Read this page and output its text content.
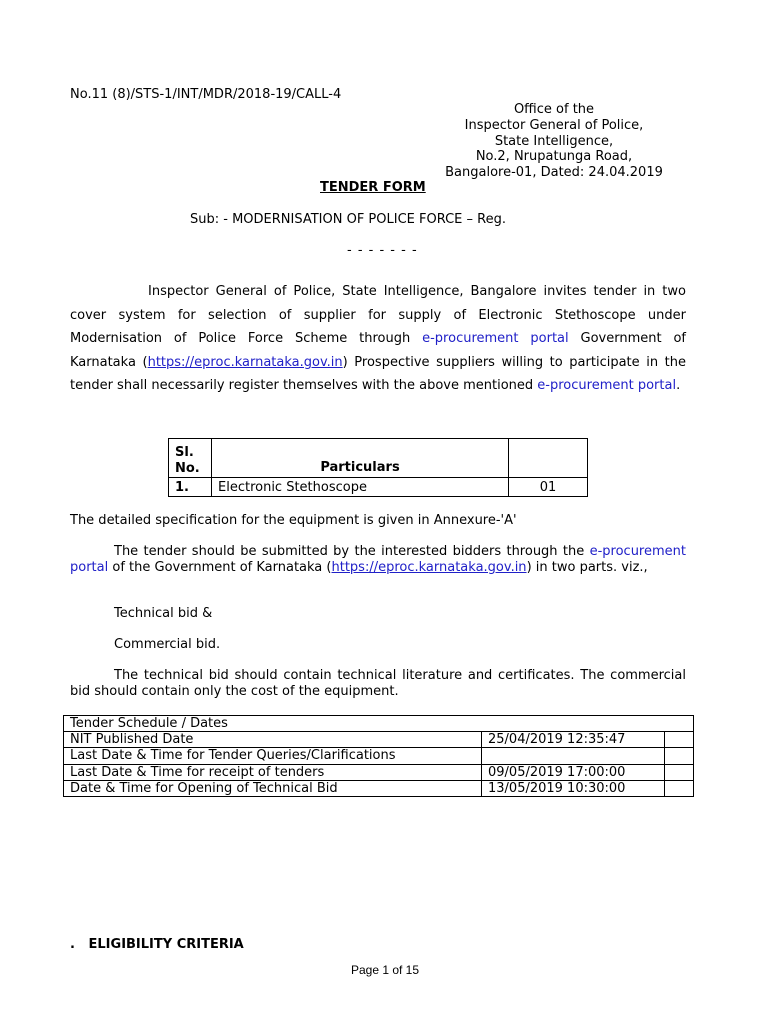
No.11 (8)/STS-1/INT/MDR/2018-19/CALL-4
Office of the
Inspector General of Police,
State Intelligence,
No.2, Nrupatunga Road,
Bangalore-01, Dated: 24.04.2019
TENDER FORM
Sub: - MODERNISATION OF POLICE FORCE – Reg.
- - - - - - -

Inspector General of Police, State Intelligence, Bangalore invites tender in two cover system for selection of supplier for supply of Electronic Stethoscope under Modernisation of Police Force Scheme through e-procurement portal Government of Karnataka (https://eproc.karnataka.gov.in) Prospective suppliers willing to participate in the tender shall necessarily register themselves with the above mentioned e-procurement portal.

Sl. No.	Particulars	
1.	Electronic Stethoscope	01
The detailed specification for the equipment is given in Annexure-'A'

The tender should be submitted by the interested bidders through the e-procurement portal of the Government of Karnataka (https://eproc.karnataka.gov.in) in two parts. viz.,

Technical bid &
Commercial bid.

The technical bid should contain technical literature and certificates. The commercial bid should contain only the cost of the equipment.

Tender Schedule / Dates		
NIT Published Date	25/04/2019 12:35:47	
Last Date & Time for Tender Queries/Clarifications		
Last Date & Time for receipt of tenders	09/05/2019 17:00:00	
Date & Time for Opening of Technical Bid	13/05/2019 10:30:00	
.   ELIGIBILITY CRITERIA
Page 1 of 15
